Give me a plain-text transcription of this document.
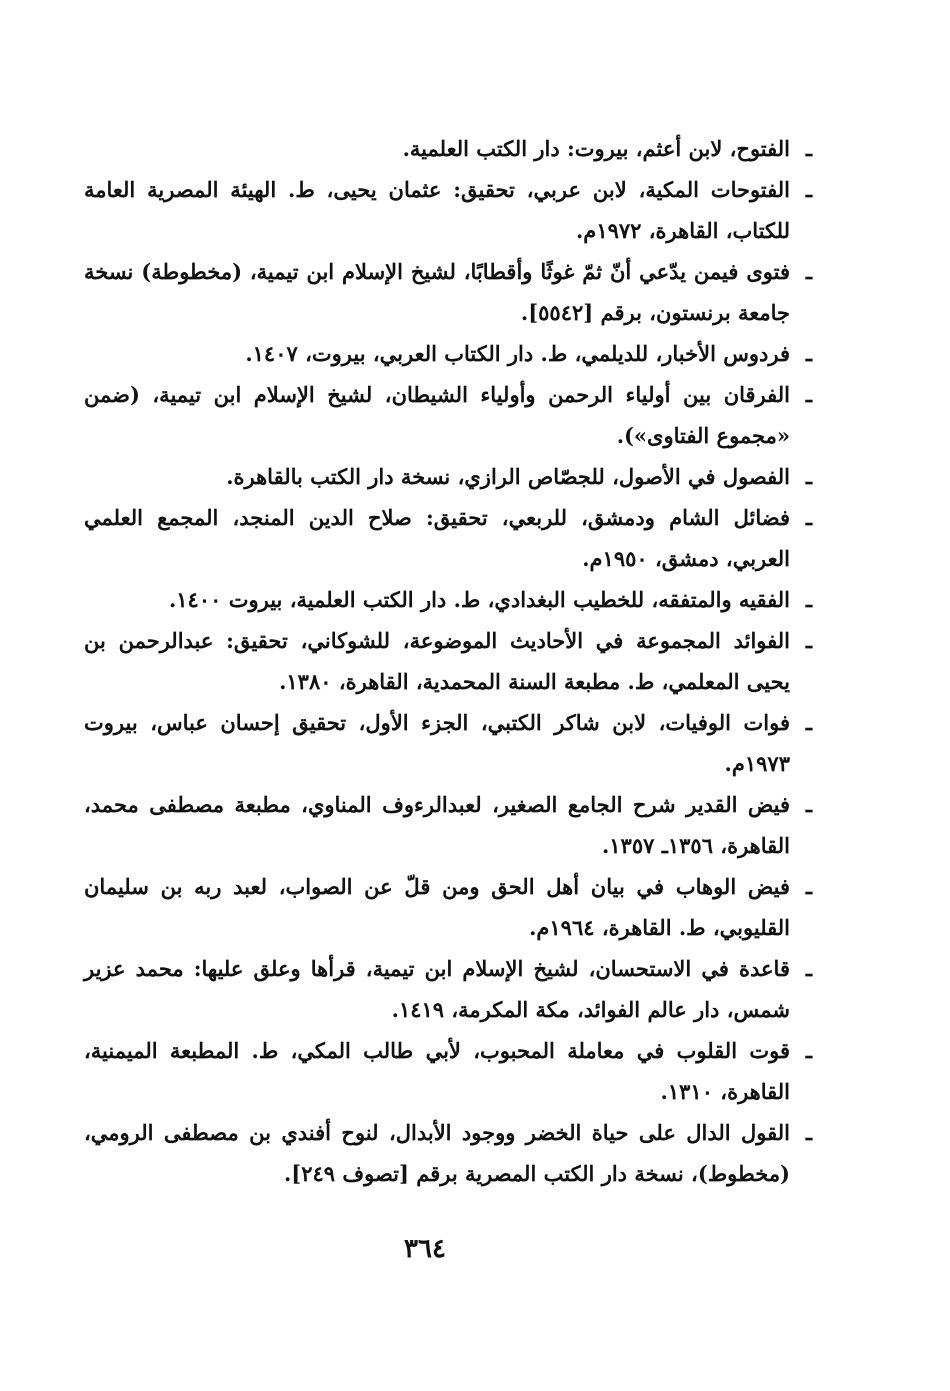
ـ
الفتوح، لابن أعثم، بيروت: دار الكتب العلمية.

ـ
الفتوحات المكية، لابن عربي، تحقيق: عثمان يحيى، ط. الهيئة المصرية العامة للكتاب، القاهرة، ١٩٧٢م.

ـ
فتوى فيمن يدّعي أنّ ثمّ غوثًا وأقطابًا، لشيخ الإسلام ابن تيمية، (مخطوطة) نسخة جامعة برنستون، برقم [٥٥٤٢].

ـ
فردوس الأخبار، للديلمي، ط. دار الكتاب العربي، بيروت، ١٤٠٧.

ـ
الفرقان بين أولياء الرحمن وأولياء الشيطان، لشيخ الإسلام ابن تيمية، (ضمن «مجموع الفتاوى»).

ـ
الفصول في الأصول، للجصّاص الرازي، نسخة دار الكتب بالقاهرة.

ـ
فضائل الشام ودمشق، للربعي، تحقيق: صلاح الدين المنجد، المجمع العلمي العربي، دمشق، ١٩٥٠م.

ـ
الفقيه والمتفقه، للخطيب البغدادي، ط. دار الكتب العلمية، بيروت ١٤٠٠.

ـ
الفوائد المجموعة في الأحاديث الموضوعة، للشوكاني، تحقيق: عبدالرحمن بن يحيى المعلمي، ط. مطبعة السنة المحمدية، القاهرة، ١٣٨٠.

ـ
فوات الوفيات، لابن شاكر الكتبي، الجزء الأول، تحقيق إحسان عباس، بيروت ١٩٧٣م.

ـ
فيض القدير شرح الجامع الصغير، لعبدالرءوف المناوي، مطبعة مصطفى محمد، القاهرة، ١٣٥٦ـ ١٣٥٧.

ـ
فيض الوهاب في بيان أهل الحق ومن قلّ عن الصواب، لعبد ربه بن سليمان القليوبي، ط. القاهرة، ١٩٦٤م.

ـ
قاعدة في الاستحسان، لشيخ الإسلام ابن تيمية، قرأها وعلق عليها: محمد عزير شمس، دار عالم الفوائد، مكة المكرمة، ١٤١٩.

ـ
قوت القلوب في معاملة المحبوب، لأبي طالب المكي، ط. المطبعة الميمنية، القاهرة، ١٣١٠.

ـ
القول الدال على حياة الخضر ووجود الأبدال، لنوح أفندي بن مصطفى الرومي، (مخطوط)، نسخة دار الكتب المصرية برقم [تصوف ٢٤٩].

٣٦٤
